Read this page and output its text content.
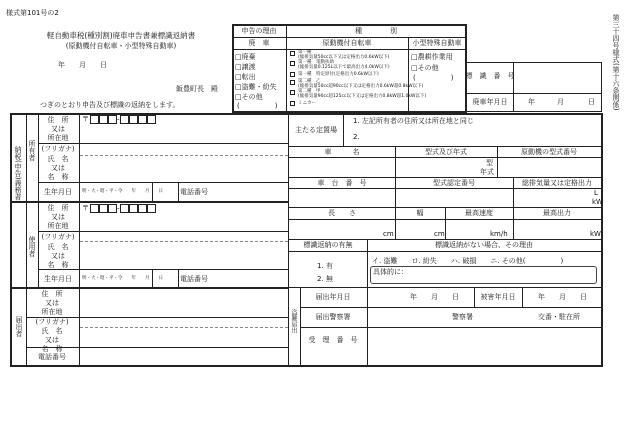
様式第101号の2
軽自動車税(種別割)廃車申告書兼標識返納書
(原動機付自転車・小型特殊自動車)
年　　月　　日
飯豊町長　殿
つぎのとおり申告及び標識の返納をします。
申告の理由	種　　　　別
廃　車	原動機付自転車	小型特殊自動車
□廃棄
□譲渡
□転出
□盗難・紛失
□その他
(　　　　　)
第一種
(総排気量50cc以下又は定格出力0.6kW以下)
第一種　電動扶助
(総排気量0.125L以下で最高出力4.0kW以下)
第一種　特定原付(定格出力0.6kW以下)
第二種　乙
(総排気量50cc超90cc以下又は定格出力0.6kW超0.8kW以下)
第二種　甲
(総排気量90cc超125cc以下又は定格出力0.8kW超1.0kW以下)
ミニカー
□農耕作業用
□その他
(　　　　　) 標　識　番　号
廃車年月日	年	月	日 第三十四号様式(第十六条関係)
納税(申告)義務者 所有者
使用者
届出者
住　所
又は
所在地
〒	-
(フリガナ)
氏　名
又は
名　称
生年月日 明・大・昭・平・令　　年　　月　　日 電話番号
住　所
又は
所在地
〒	-
(フリガナ)
氏　名
又は
名　称
生年月日 明・大・昭・平・令　　年　　月　　日 電話番号
住　所
又は
所在地
(フリガナ)
氏　名
又は
名　称
電話番号
主たる定置場
1. 左記所有者の住所又は所在地と同じ
2.
車　　　名	型式及び年式	原動機の型式番号
型
年式
車　台　番　号	型式認定番号	総排気量又は定格出力
L
kW
長　　さ	幅	最高速度	最高出力
cm	cm	km/h	kW
標識返納の有無	標識返納がない場合、その理由
1. 有
2. 無
イ. 盗難　　ロ. 紛失　　ハ. 破損　　ニ. その他(　　　　　)
具体的に：
盗難届出
届出年月日	年　　月　　日	被害年月日	年　　月　　日
届出警察署	警察署	交番・駐在所
受　理　番　号
